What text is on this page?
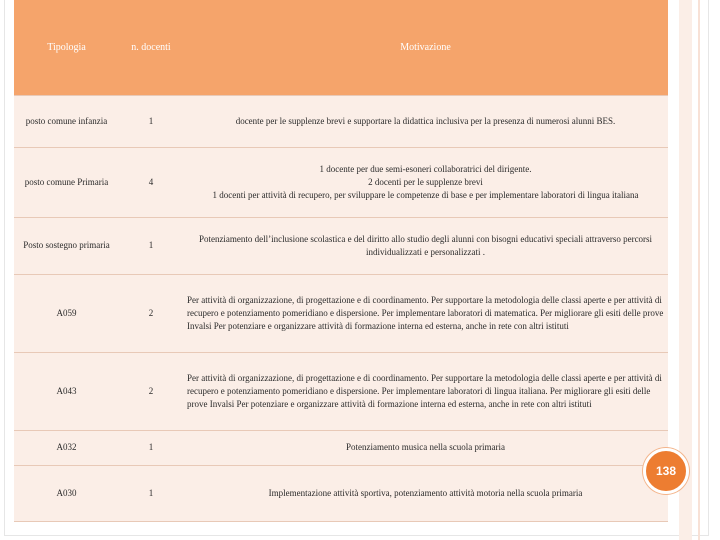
Tipologia	n. docenti	Motivazione
posto comune infanzia	1	docente per le supplenze brevi e supportare la didattica inclusiva per la presenza di numerosi alunni BES.
posto comune Primaria	4	1 docente per due semi-esoneri collaboratrici del dirigente.
2 docenti per le supplenze brevi
1 docenti per attività di recupero, per sviluppare le competenze di base e per implementare laboratori di lingua italiana

Posto sostegno primaria	1	Potenziamento dell’inclusione scolastica e del diritto allo studio degli alunni con bisogni educativi speciali attraverso percorsi individualizzati e personalizzati .
A059	2	Per attività di organizzazione, di progettazione e di coordinamento. Per supportare la metodologia delle classi aperte e per attività di recupero e potenziamento pomeridiano e dispersione. Per implementare laboratori di matematica. Per migliorare gli esiti delle prove Invalsi Per potenziare e organizzare attività di formazione interna ed esterna, anche in rete con altri istituti
A043	2	Per attività di organizzazione, di progettazione e di coordinamento. Per supportare la metodologia delle classi aperte e per attività di recupero e potenziamento pomeridiano e dispersione. Per implementare laboratori di lingua italiana. Per migliorare gli esiti delle prove Invalsi Per potenziare e organizzare attività di formazione interna ed esterna, anche in rete con altri istituti
A032	1	Potenziamento musica nella scuola primaria
A030	1	Implementazione attività sportiva, potenziamento attività motoria nella scuola primaria
138
